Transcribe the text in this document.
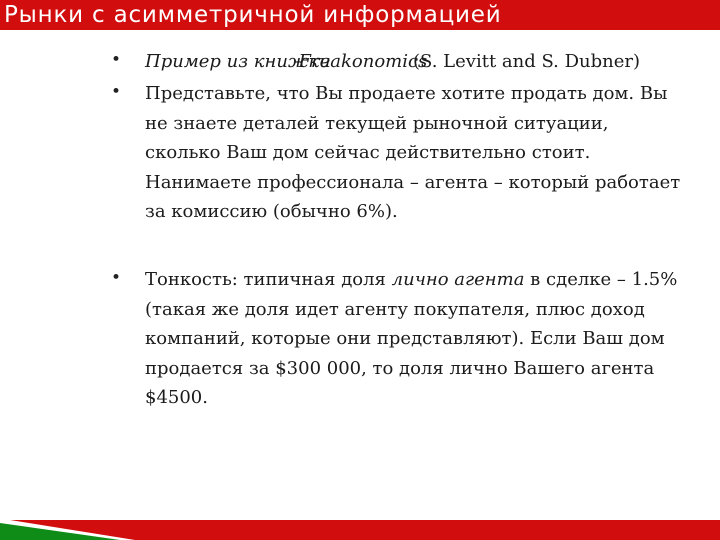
Рынки с асимметричной информацией
• Пример из книжки Freakonomics (S. Levitt and S. Dubner)
• Представьте, что Вы продаете хотите продать дом. Вы не знаете деталей текущей рыночной ситуации, сколько Ваш дом сейчас действительно стоит. Нанимаете профессионала – агента – который работает за комиссию (обычно 6%).
• Тонкость: типичная доля лично агента в сделке – 1.5% (такая же доля идет агенту покупателя, плюс доход компаний, которые они представляют). Если Ваш дом продается за $300 000, то доля лично Вашего агента $4500.
